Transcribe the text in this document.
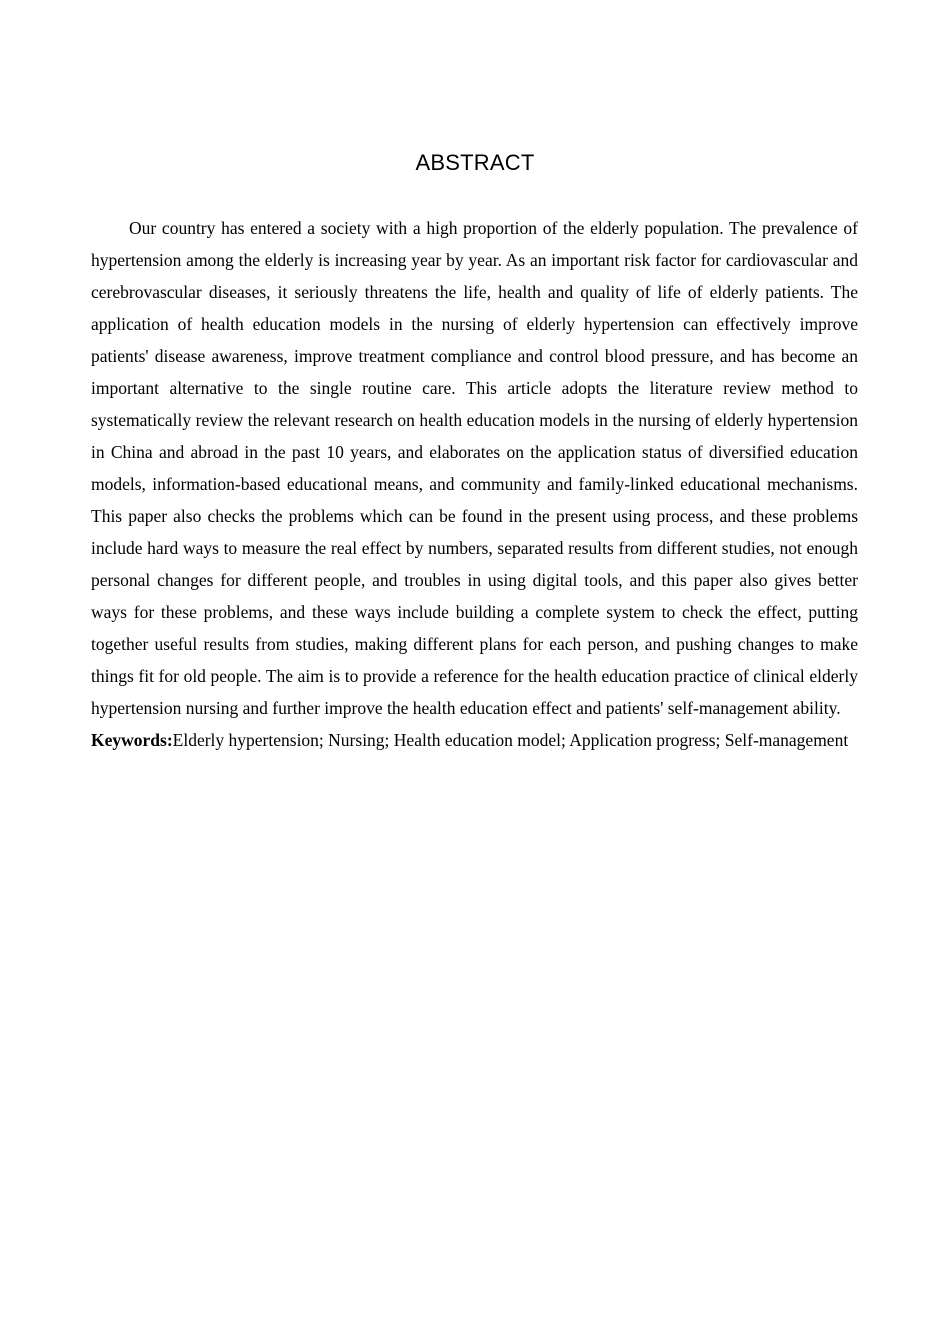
ABSTRACT

Our country has entered a society with a high proportion of the elderly population. The prevalence of hypertension among the elderly is increasing year by year. As an important risk factor for cardiovascular and cerebrovascular diseases, it seriously threatens the life, health and quality of life of elderly patients. The application of health education models in the nursing of elderly hypertension can effectively improve patients' disease awareness, improve treatment compliance and control blood pressure, and has become an important alternative to the single routine care. This article adopts the literature review method to systematically review the relevant research on health education models in the nursing of elderly hypertension in China and abroad in the past 10 years, and elaborates on the application status of diversified education models, information-based educational means, and community and family-linked educational mechanisms. This paper also checks the problems which can be found in the present using process, and these problems include hard ways to measure the real effect by numbers, separated results from different studies, not enough personal changes for different people, and troubles in using digital tools, and this paper also gives better ways for these problems, and these ways include building a complete system to check the effect, putting together useful results from studies, making different plans for each person, and pushing changes to make things fit for old people. The aim is to provide a reference for the health education practice of clinical elderly hypertension nursing and further improve the health education effect and patients' self-management ability.

Keywords:Elderly hypertension; Nursing; Health education model; Application progress; Self-management
